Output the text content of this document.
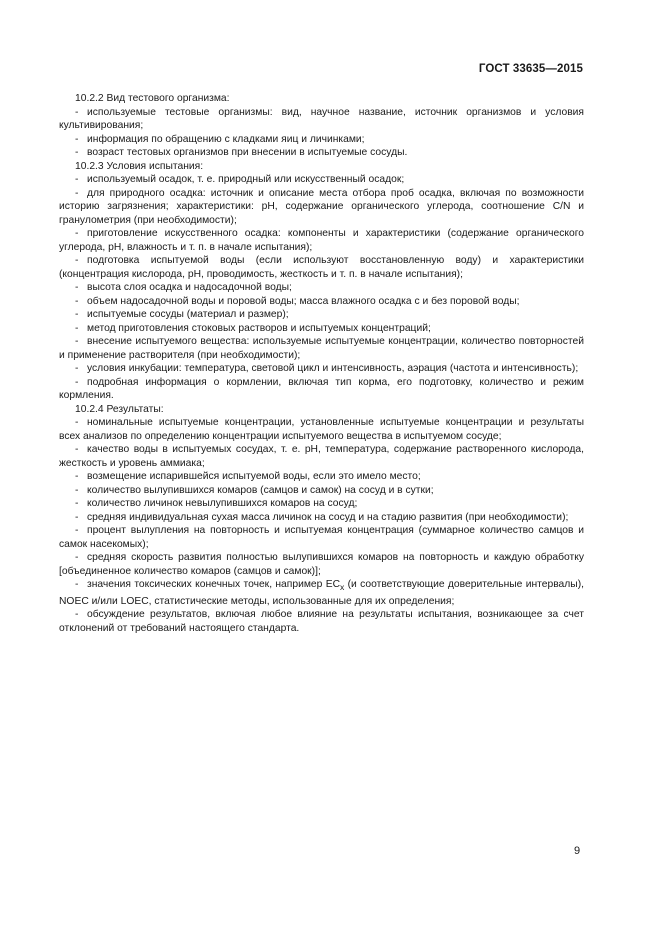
ГОСТ 33635—2015

10.2.2 Вид тестового организма:

- используемые тестовые организмы: вид, научное название, источник организмов и условия культивирования;

- информация по обращению с кладками яиц и личинками;

- возраст тестовых организмов при внесении в испытуемые сосуды.

10.2.3 Условия испытания:

- используемый осадок, т. е. природный или искусственный осадок;

- для природного осадка: источник и описание места отбора проб осадка, включая по возможности историю загрязнения; характеристики: pH, содержание органического углерода, соотношение C/N и гранулометрия (при необходимости);

- приготовление искусственного осадка: компоненты и характеристики (содержание органического углерода, pH, влажность и т. п. в начале испытания);

- подготовка испытуемой воды (если используют восстановленную воду) и характеристики (концентрация кислорода, pH, проводимость, жесткость и т. п. в начале испытания);

- высота слоя осадка и надосадочной воды;

- объем надосадочной воды и поровой воды; масса влажного осадка с и без поровой воды;

- испытуемые сосуды (материал и размер);

- метод приготовления стоковых растворов и испытуемых концентраций;

- внесение испытуемого вещества: используемые испытуемые концентрации, количество повторностей и применение растворителя (при необходимости);

- условия инкубации: температура, световой цикл и интенсивность, аэрация (частота и интенсивность);

- подробная информация о кормлении, включая тип корма, его подготовку, количество и режим кормления.

10.2.4 Результаты:

- номинальные испытуемые концентрации, установленные испытуемые концентрации и результаты всех анализов по определению концентрации испытуемого вещества в испытуемом сосуде;

- качество воды в испытуемых сосудах, т. е. pH, температура, содержание растворенного кислорода, жесткость и уровень аммиака;

- возмещение испарившейся испытуемой воды, если это имело место;

- количество вылупившихся комаров (самцов и самок) на сосуд и в сутки;

- количество личинок невылупившихся комаров на сосуд;

- средняя индивидуальная сухая масса личинок на сосуд и на стадию развития (при необходимости);

- процент вылупления на повторность и испытуемая концентрация (суммарное количество самцов и самок насекомых);

- средняя скорость развития полностью вылупившихся комаров на повторность и каждую обработку [объединенное количество комаров (самцов и самок)];

- значения токсических конечных точек, например $EC_x$ (и соответствующие доверительные интервалы), NOEC и/или LOEC, статистические методы, использованные для их определения;

- обсуждение результатов, включая любое влияние на результаты испытания, возникающее за счет отклонений от требований настоящего стандарта.

9
